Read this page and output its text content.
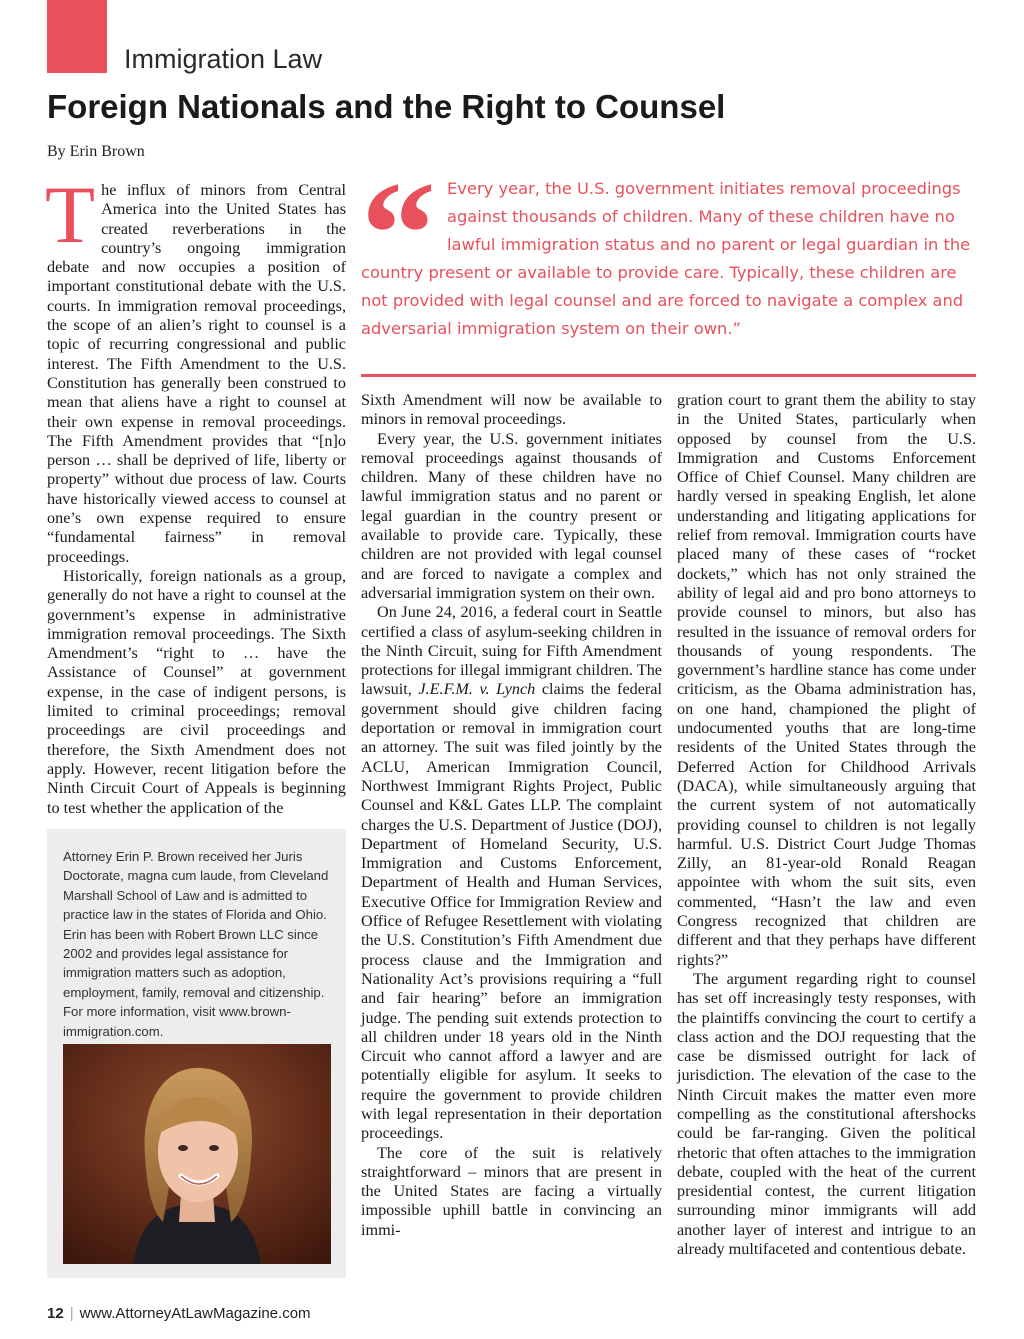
Immigration Law
Foreign Nationals and the Right to Counsel
By Erin Brown “ Every year, the U.S. government initiates removal proceedings against thousands of children. Many of these children have no lawful immigration status and no parent or legal guardian in the country present or available to provide care. Typically, these children are not provided with legal counsel and are forced to navigate a complex and adversarial immigration system on their own.”

T he influx of minors from Central America into the United States has created reverberations in the country’s ongoing immigration debate and now occupies a position of important constitutional debate with the U.S. courts. In immigration removal proceedings, the scope of an alien’s right to counsel is a topic of recurring congressional and public interest. The Fifth Amendment to the U.S. Constitution has generally been construed to mean that aliens have a right to counsel at their own expense in removal proceedings. The Fifth Amendment provides that “[n]o person … shall be deprived of life, liberty or property” without due process of law. Courts have historically viewed access to counsel at one’s own expense required to ensure “fundamental fairness” in removal proceedings.

Historically, foreign nationals as a group, generally do not have a right to counsel at the government’s expense in administrative immigration removal proceedings. The Sixth Amendment’s “right to … have the Assistance of Counsel” at government expense, in the case of indigent persons, is limited to criminal proceedings; removal proceedings are civil proceedings and therefore, the Sixth Amendment does not apply. However, recent litigation before the Ninth Circuit Court of Appeals is beginning to test whether the application of the

Attorney Erin P. Brown received her Juris Doctorate, magna cum laude, from Cleveland Marshall School of Law and is admitted to practice law in the states of Florida and Ohio. Erin has been with Robert Brown LLC since 2002 and provides legal assistance for immigration matters such as adoption, employment, family, removal and citizenship. For more information, visit www.brown-immigration.com.

Sixth Amendment will now be available to minors in removal proceedings.

Every year, the U.S. government initiates removal proceedings against thousands of children. Many of these children have no lawful immigration status and no parent or legal guardian in the country present or available to provide care. Typically, these children are not provided with legal counsel and are forced to navigate a complex and adversarial immigration system on their own.

On June 24, 2016, a federal court in Seattle certified a class of asylum-seeking children in the Ninth Circuit, suing for Fifth Amendment protections for illegal immigrant children. The lawsuit, J.E.F.M. v. Lynch claims the federal government should give children facing deportation or removal in immigration court an attorney. The suit was filed jointly by the ACLU, American Immigration Council, Northwest Immigrant Rights Project, Public Counsel and K&L Gates LLP. The complaint charges the U.S. Department of Justice (DOJ), Department of Homeland Security, U.S. Immigration and Customs Enforcement, Department of Health and Human Services, Executive Office for Immigration Review and Office of Refugee Resettlement with violating the U.S. Constitution’s Fifth Amendment due process clause and the Immigration and Nationality Act’s provisions requiring a “full and fair hearing” before an immigration judge. The pending suit extends protection to all children under 18 years old in the Ninth Circuit who cannot afford a lawyer and are potentially eligible for asylum. It seeks to require the government to provide children with legal representation in their deportation proceedings.

The core of the suit is relatively straightforward – minors that are present in the United States are facing a virtually impossible uphill battle in convincing an immi-

gration court to grant them the ability to stay in the United States, particularly when opposed by counsel from the U.S. Immigration and Customs Enforcement Office of Chief Counsel. Many children are hardly versed in speaking English, let alone understanding and litigating applications for relief from removal. Immigration courts have placed many of these cases of “rocket dockets,” which has not only strained the ability of legal aid and pro bono attorneys to provide counsel to minors, but also has resulted in the issuance of removal orders for thousands of young respondents. The government’s hardline stance has come under criticism, as the Obama administration has, on one hand, championed the plight of undocumented youths that are long-time residents of the United States through the Deferred Action for Childhood Arrivals (DACA), while simultaneously arguing that the current system of not automatically providing counsel to children is not legally harmful. U.S. District Court Judge Thomas Zilly, an 81-year-old Ronald Reagan appointee with whom the suit sits, even commented, “Hasn’t the law and even Congress recognized that children are different and that they perhaps have different rights?”

The argument regarding right to counsel has set off increasingly testy responses, with the plaintiffs convincing the court to certify a class action and the DOJ requesting that the case be dismissed outright for lack of jurisdiction. The elevation of the case to the Ninth Circuit makes the matter even more compelling as the constitutional aftershocks could be far-ranging. Given the political rhetoric that often attaches to the immigration debate, coupled with the heat of the current presidential contest, the current litigation surrounding minor immigrants will add another layer of interest and intrigue to an already multifaceted and contentious debate.

12 | www.AttorneyAtLawMagazine.com
